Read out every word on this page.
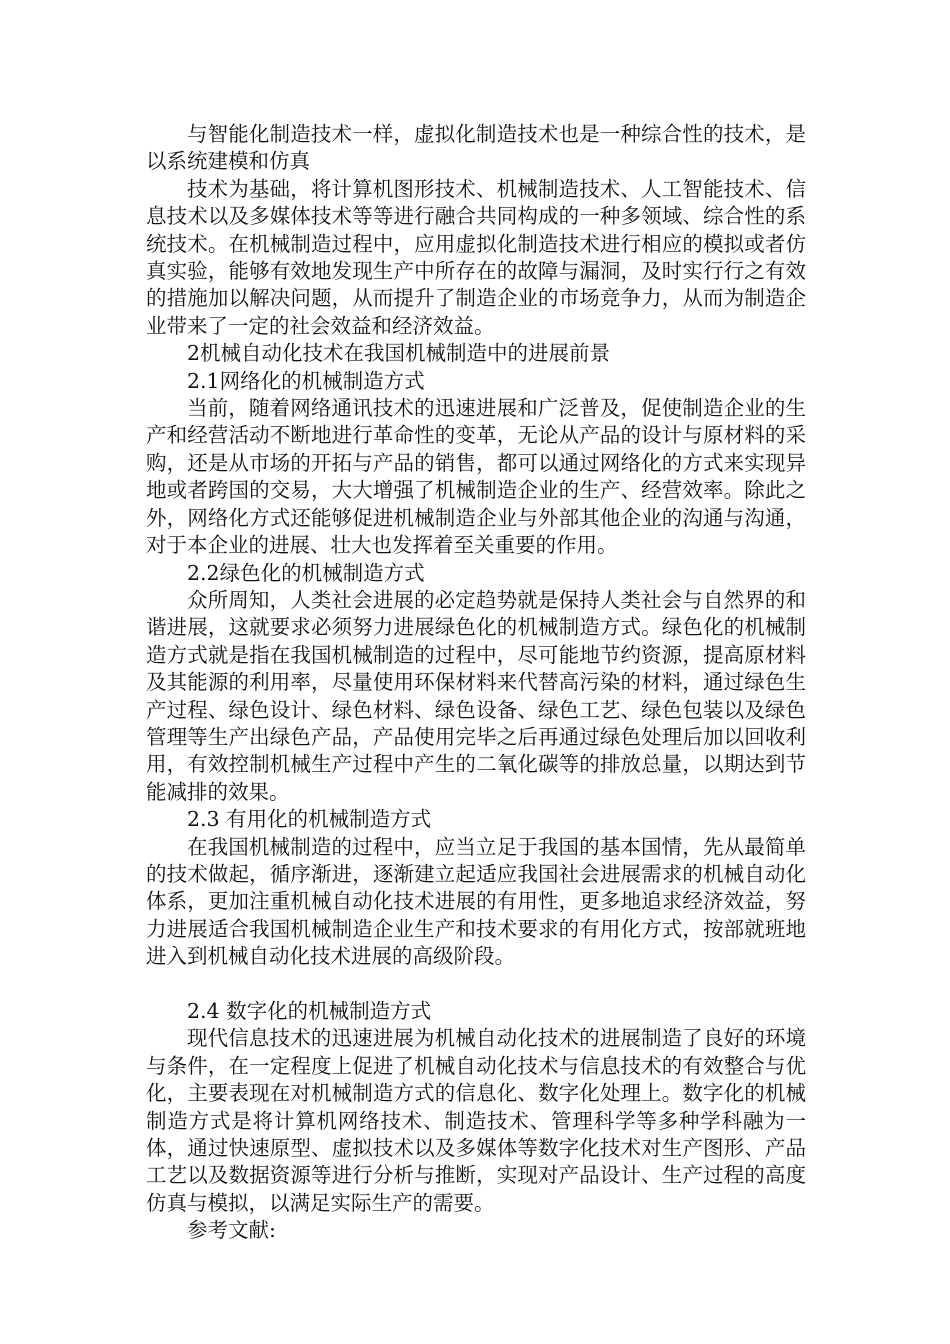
与智能化制造技术一样，虚拟化制造技术也是一种综合性的技术，是以系统建模和仿真

技术为基础，将计算机图形技术、机械制造技术、人工智能技术、信息技术以及多媒体技术等等进行融合共同构成的一种多领域、综合性的系统技术。在机械制造过程中，应用虚拟化制造技术进行相应的模拟或者仿真实验，能够有效地发现生产中所存在的故障与漏洞，及时实行行之有效的措施加以解决问题，从而提升了制造企业的市场竞争力，从而为制造企业带来了一定的社会效益和经济效益。

2机械自动化技术在我国机械制造中的进展前景

2.1网络化的机械制造方式

当前，随着网络通讯技术的迅速进展和广泛普及，促使制造企业的生产和经营活动不断地进行革命性的变革，无论从产品的设计与原材料的采购，还是从市场的开拓与产品的销售，都可以通过网络化的方式来实现异地或者跨国的交易，大大增强了机械制造企业的生产、经营效率。除此之外，网络化方式还能够促进机械制造企业与外部其他企业的沟通与沟通，对于本企业的进展、壮大也发挥着至关重要的作用。

2.2绿色化的机械制造方式

众所周知，人类社会进展的必定趋势就是保持人类社会与自然界的和谐进展，这就要求必须努力进展绿色化的机械制造方式。绿色化的机械制造方式就是指在我国机械制造的过程中，尽可能地节约资源，提高原材料及其能源的利用率，尽量使用环保材料来代替高污染的材料，通过绿色生产过程、绿色设计、绿色材料、绿色设备、绿色工艺、绿色包装以及绿色管理等生产出绿色产品，产品使用完毕之后再通过绿色处理后加以回收利用，有效控制机械生产过程中产生的二氧化碳等的排放总量，以期达到节能减排的效果。

2.3 有用化的机械制造方式

在我国机械制造的过程中，应当立足于我国的基本国情，先从最简单的技术做起，循序渐进，逐渐建立起适应我国社会进展需求的机械自动化体系，更加注重机械自动化技术进展的有用性，更多地追求经济效益，努力进展适合我国机械制造企业生产和技术要求的有用化方式，按部就班地进入到机械自动化技术进展的高级阶段。

2.4 数字化的机械制造方式

现代信息技术的迅速进展为机械自动化技术的进展制造了良好的环境与条件，在一定程度上促进了机械自动化技术与信息技术的有效整合与优化，主要表现在对机械制造方式的信息化、数字化处理上。数字化的机械制造方式是将计算机网络技术、制造技术、管理科学等多种学科融为一体，通过快速原型、虚拟技术以及多媒体等数字化技术对生产图形、产品工艺以及数据资源等进行分析与推断，实现对产品设计、生产过程的高度仿真与模拟，以满足实际生产的需要。

参考文献:
